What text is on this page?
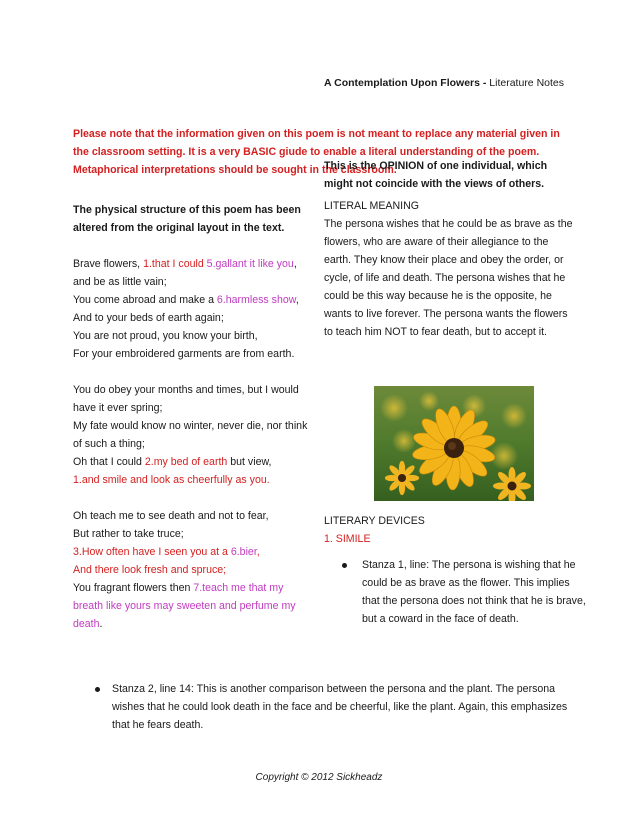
A Contemplation Upon Flowers - Literature Notes
Please note that the information given on this poem is not meant to replace any material given in the classroom setting. It is a very BASIC giude to enable a literal understanding of the poem. Metaphorical interpretations should be sought in the classroom.

The physical structure of this poem has been altered from the original layout in the text.

Brave flowers, 1.that I could 5.gallant it like you, and be as little vain;
You come abroad and make a 6.harmless show,
And to your beds of earth again;
You are not proud, you know your birth,
For your embroidered garments are from earth.
You do obey your months and times, but I would have it ever spring;
My fate would know no winter, never die, nor think of such a thing;
Oh that I could 2.my bed of earth but view,
1.and smile and look as cheerfully as you.
Oh teach me to see death and not to fear,
But rather to take truce;
3.How often have I seen you at a 6.bier,
And there look fresh and spruce;
You fragrant flowers then 7.teach me that my breath like yours may sweeten and perfume my death.

This is the OPINION of one individual, which might not coincide with the views of others.

LITERAL MEANING

The persona wishes that he could be as brave as the flowers, who are aware of their allegiance to the earth. They know their place and obey the order, or cycle, of life and death. The persona wishes that he could be this way because he is the opposite, he wants to live forever. The persona wants the flowers to teach him NOT to fear death, but to accept it.

LITERARY DEVICES
1. SIMILE
Stanza 1, line: The persona is wishing that he could be as brave as the flower. This implies that the persona does not think that he is brave, but a coward in the face of death.
Stanza 2, line 14: This is another comparison between the persona and the plant. The persona wishes that he could look death in the face and be cheerful, like the plant. Again, this emphasizes that he fears death.
Copyright © 2012 Sickheadz
